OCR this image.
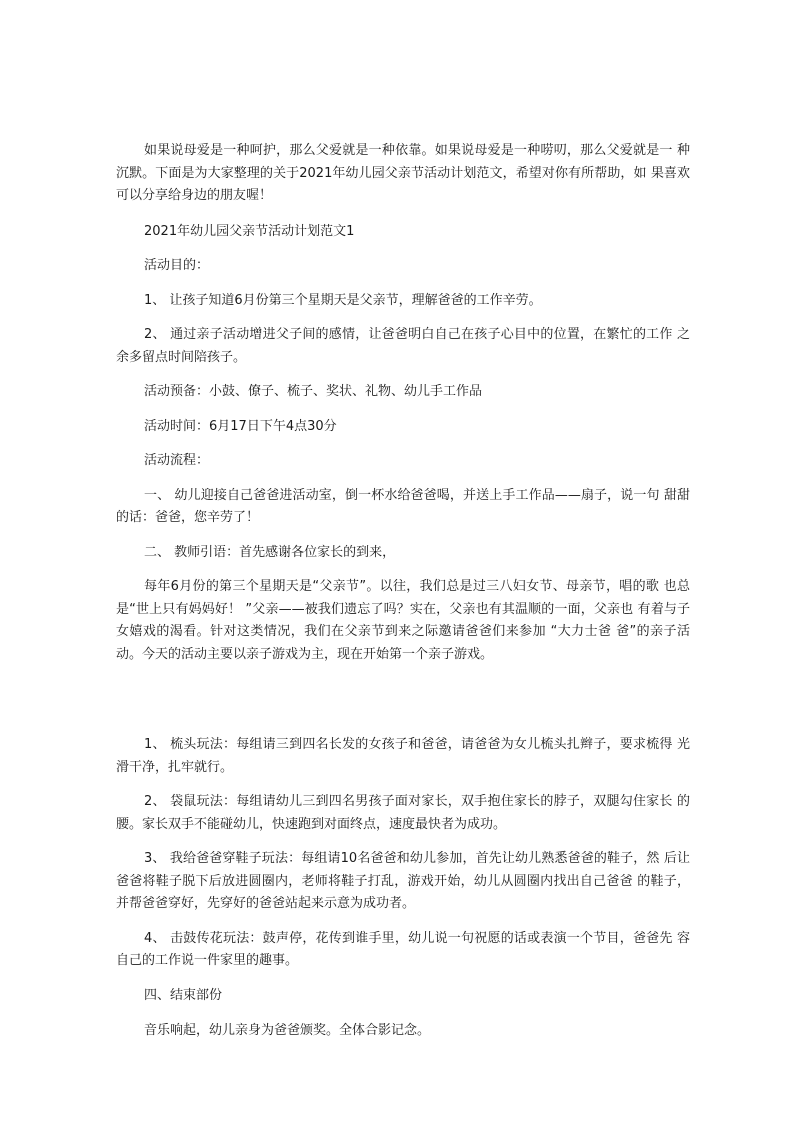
如果说母爱是一种呵护，那么父爱就是一种依靠。如果说母爱是一种唠叨，那么父爱就是一 种沉默。下面是为大家整理的关于2021年幼儿园父亲节活动计划范文，希望对你有所帮助，如 果喜欢可以分享给身边的朋友喔！

2021年幼儿园父亲节活动计划范文1

活动目的：

1、 让孩子知道6月份第三个星期天是父亲节，理解爸爸的工作辛劳。

2、 通过亲子活动增进父子间的感情，让爸爸明白自己在孩子心目中的位置，在繁忙的工作 之余多留点时间陪孩子。

活动预备：小鼓、僚子、梳子、奖状、礼物、幼儿手工作品

活动时间：6月17日下午4点30分

活动流程：

一、 幼儿迎接自己爸爸进活动室，倒一杯水给爸爸喝，并送上手工作品——扇子，说一句 甜甜的话：爸爸，您辛劳了！

二、 教师引语：首先感谢各位家长的到来，

每年6月份的第三个星期天是“父亲节”。以往，我们总是过三八妇女节、母亲节，唱的歌 也总是“世上只有妈妈好！ ”父亲——被我们遗忘了吗？实在，父亲也有其温顺的一面，父亲也 有着与子女嬉戏的渴看。针对这类情况，我们在父亲节到来之际邀请爸爸们来参加 “大力士爸 爸”的亲子活动。今天的活动主要以亲子游戏为主，现在开始第一个亲子游戏。

1、 梳头玩法：每组请三到四名长发的女孩子和爸爸，请爸爸为女儿梳头扎辫子，要求梳得 光滑干净，扎牢就行。

2、 袋鼠玩法：每组请幼儿三到四名男孩子面对家长，双手抱住家长的脖子，双腿勾住家长 的腰。家长双手不能碰幼儿，快速跑到对面终点，速度最快者为成功。

3、 我给爸爸穿鞋子玩法：每组请10名爸爸和幼儿参加，首先让幼儿熟悉爸爸的鞋子，然 后让爸爸将鞋子脱下后放进圆圈内，老师将鞋子打乱，游戏开始，幼儿从圆圈内找出自己爸爸 的鞋子，并帮爸爸穿好，先穿好的爸爸站起来示意为成功者。

4、 击鼓传花玩法：鼓声停，花传到谁手里，幼儿说一句祝愿的话或表演一个节目，爸爸先 容自己的工作说一件家里的趣事。

四、结束部份

音乐响起，幼儿亲身为爸爸颁奖。全体合影记念。
